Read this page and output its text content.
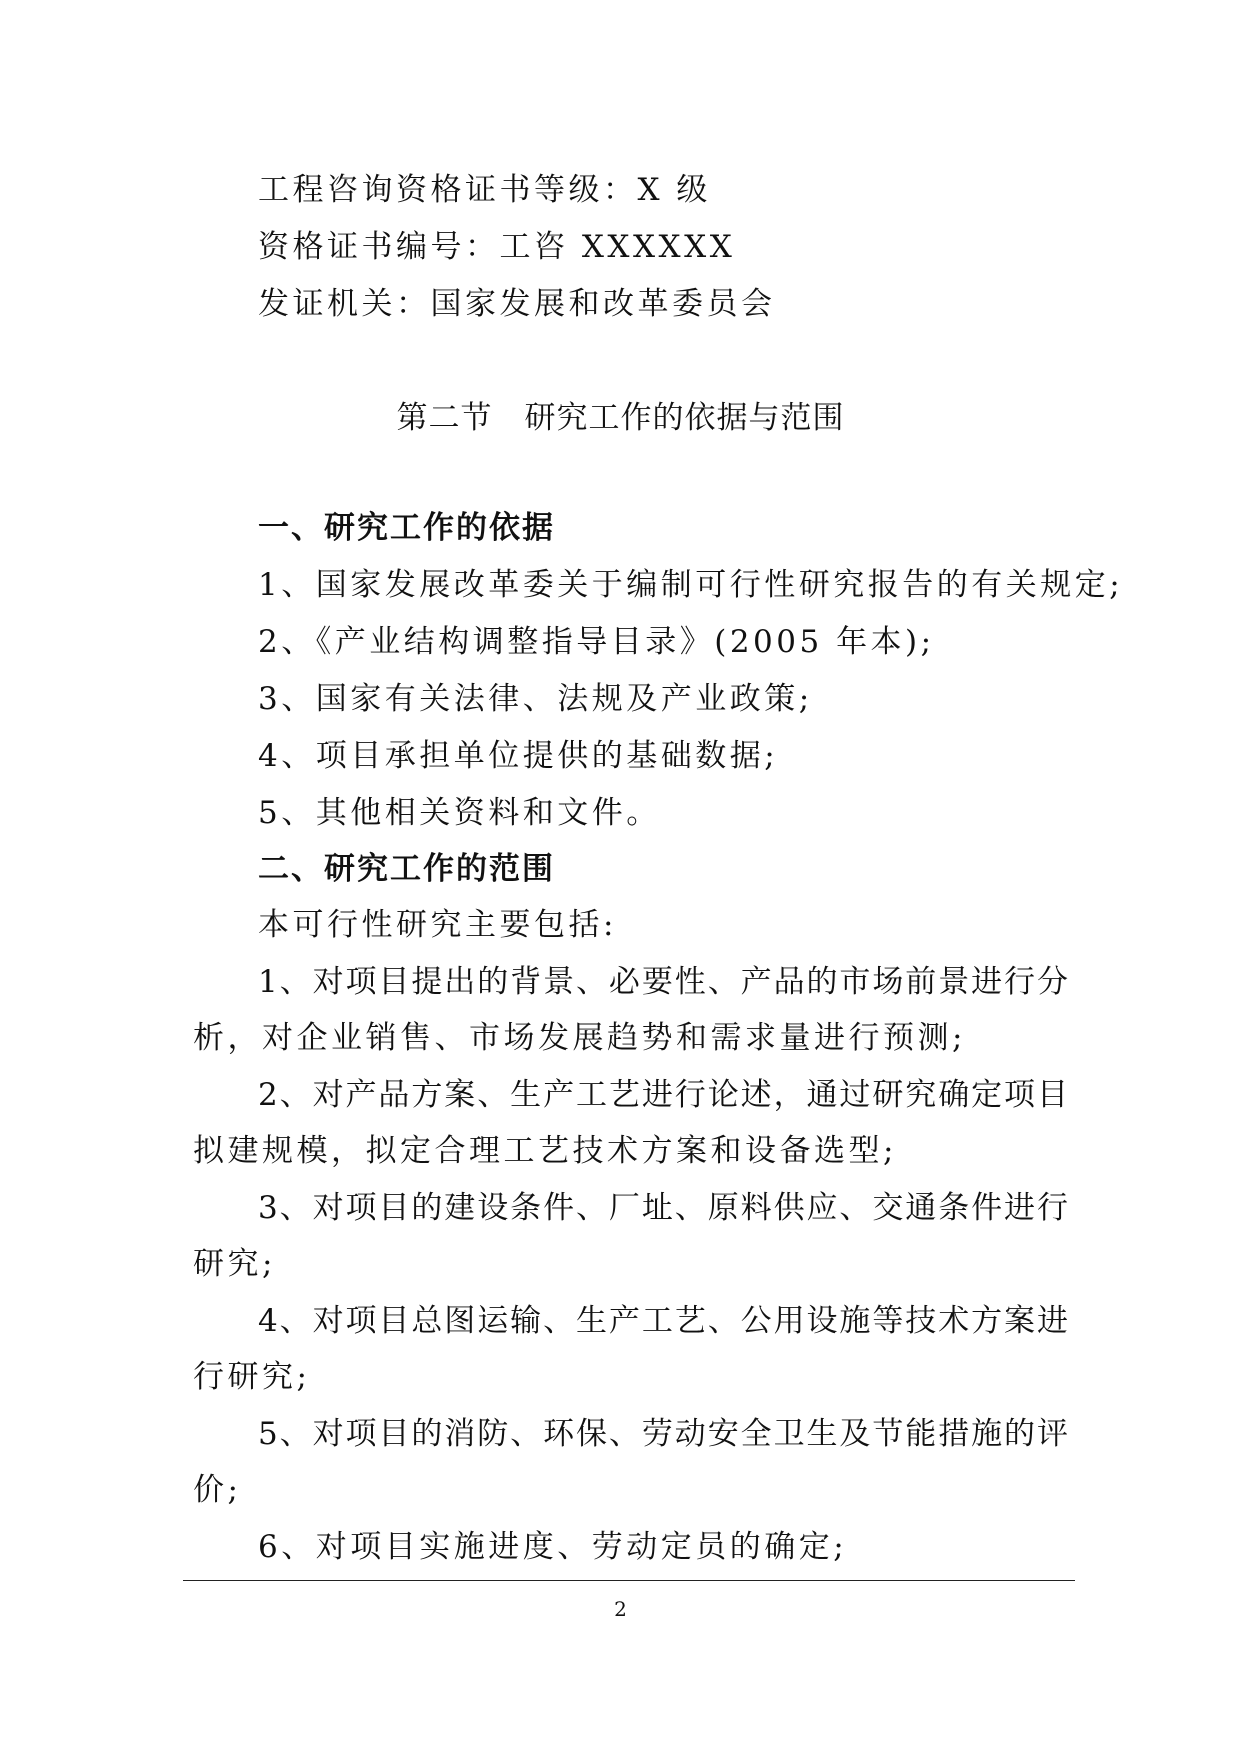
工程咨询资格证书等级：X 级
资格证书编号：工咨 XXXXXX
发证机关：国家发展和改革委员会
第二节　研究工作的依据与范围
一、研究工作的依据
1、国家发展改革委关于编制可行性研究报告的有关规定;
2、《产业结构调整指导目录》(2005 年本);
3、国家有关法律、法规及产业政策;
4、项目承担单位提供的基础数据;
5、其他相关资料和文件。
二、研究工作的范围
本可行性研究主要包括:
1、对项目提出的背景、必要性、产品的市场前景进行分
析，对企业销售、市场发展趋势和需求量进行预测;
2、对产品方案、生产工艺进行论述，通过研究确定项目
拟建规模，拟定合理工艺技术方案和设备选型;
3、对项目的建设条件、厂址、原料供应、交通条件进行
研究;
4、对项目总图运输、生产工艺、公用设施等技术方案进
行研究;
5、对项目的消防、环保、劳动安全卫生及节能措施的评
价;
6、对项目实施进度、劳动定员的确定;
2
